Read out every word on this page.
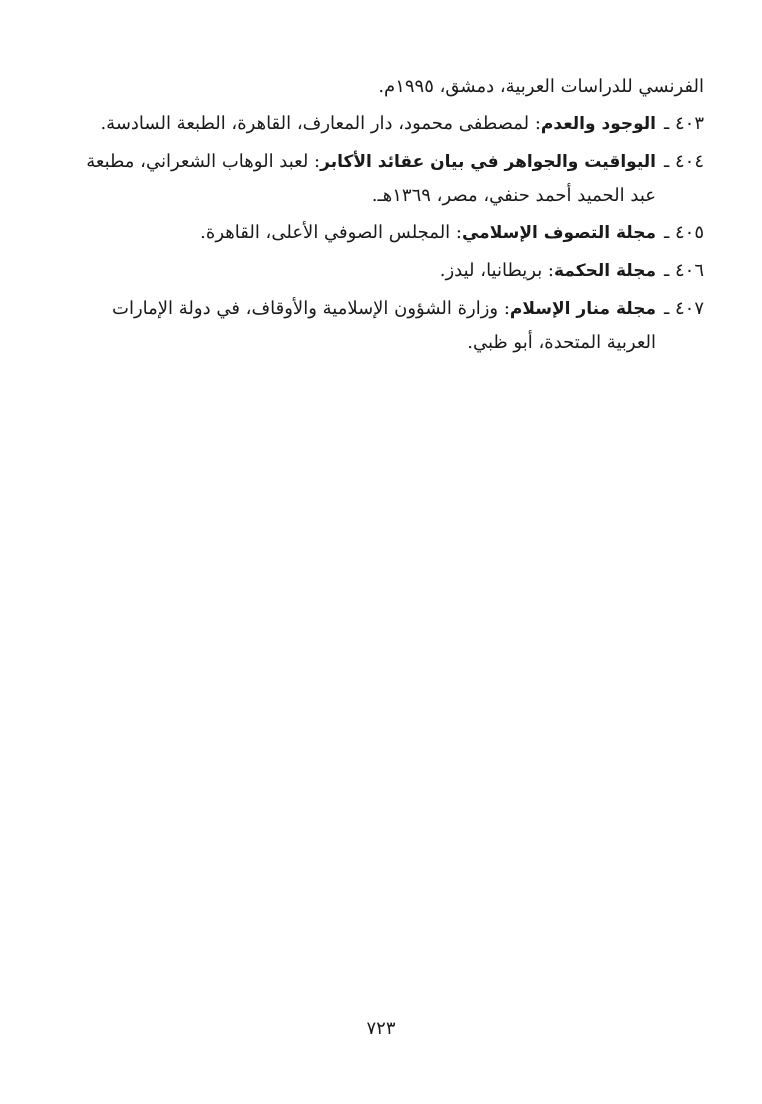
الفرنسي للدراسات العربية، دمشق، ١٩٩٥م.
٤٠٣ ـ
الوجود والعدم: لمصطفى محمود، دار المعارف، القاهرة، الطبعة السادسة.
٤٠٤ ـ
اليواقيت والجواهر في بيان عقائد الأكابر: لعبد الوهاب الشعراني، مطبعة عبد الحميد أحمد حنفي، مصر، ١٣٦٩هـ.
٤٠٥ ـ
مجلة التصوف الإسلامي: المجلس الصوفي الأعلى، القاهرة.
٤٠٦ ـ
مجلة الحكمة: بريطانيا، ليدز.
٤٠٧ ـ
مجلة منار الإسلام: وزارة الشؤون الإسلامية والأوقاف، في دولة الإمارات العربية المتحدة، أبو ظبي.
٧٢٣
